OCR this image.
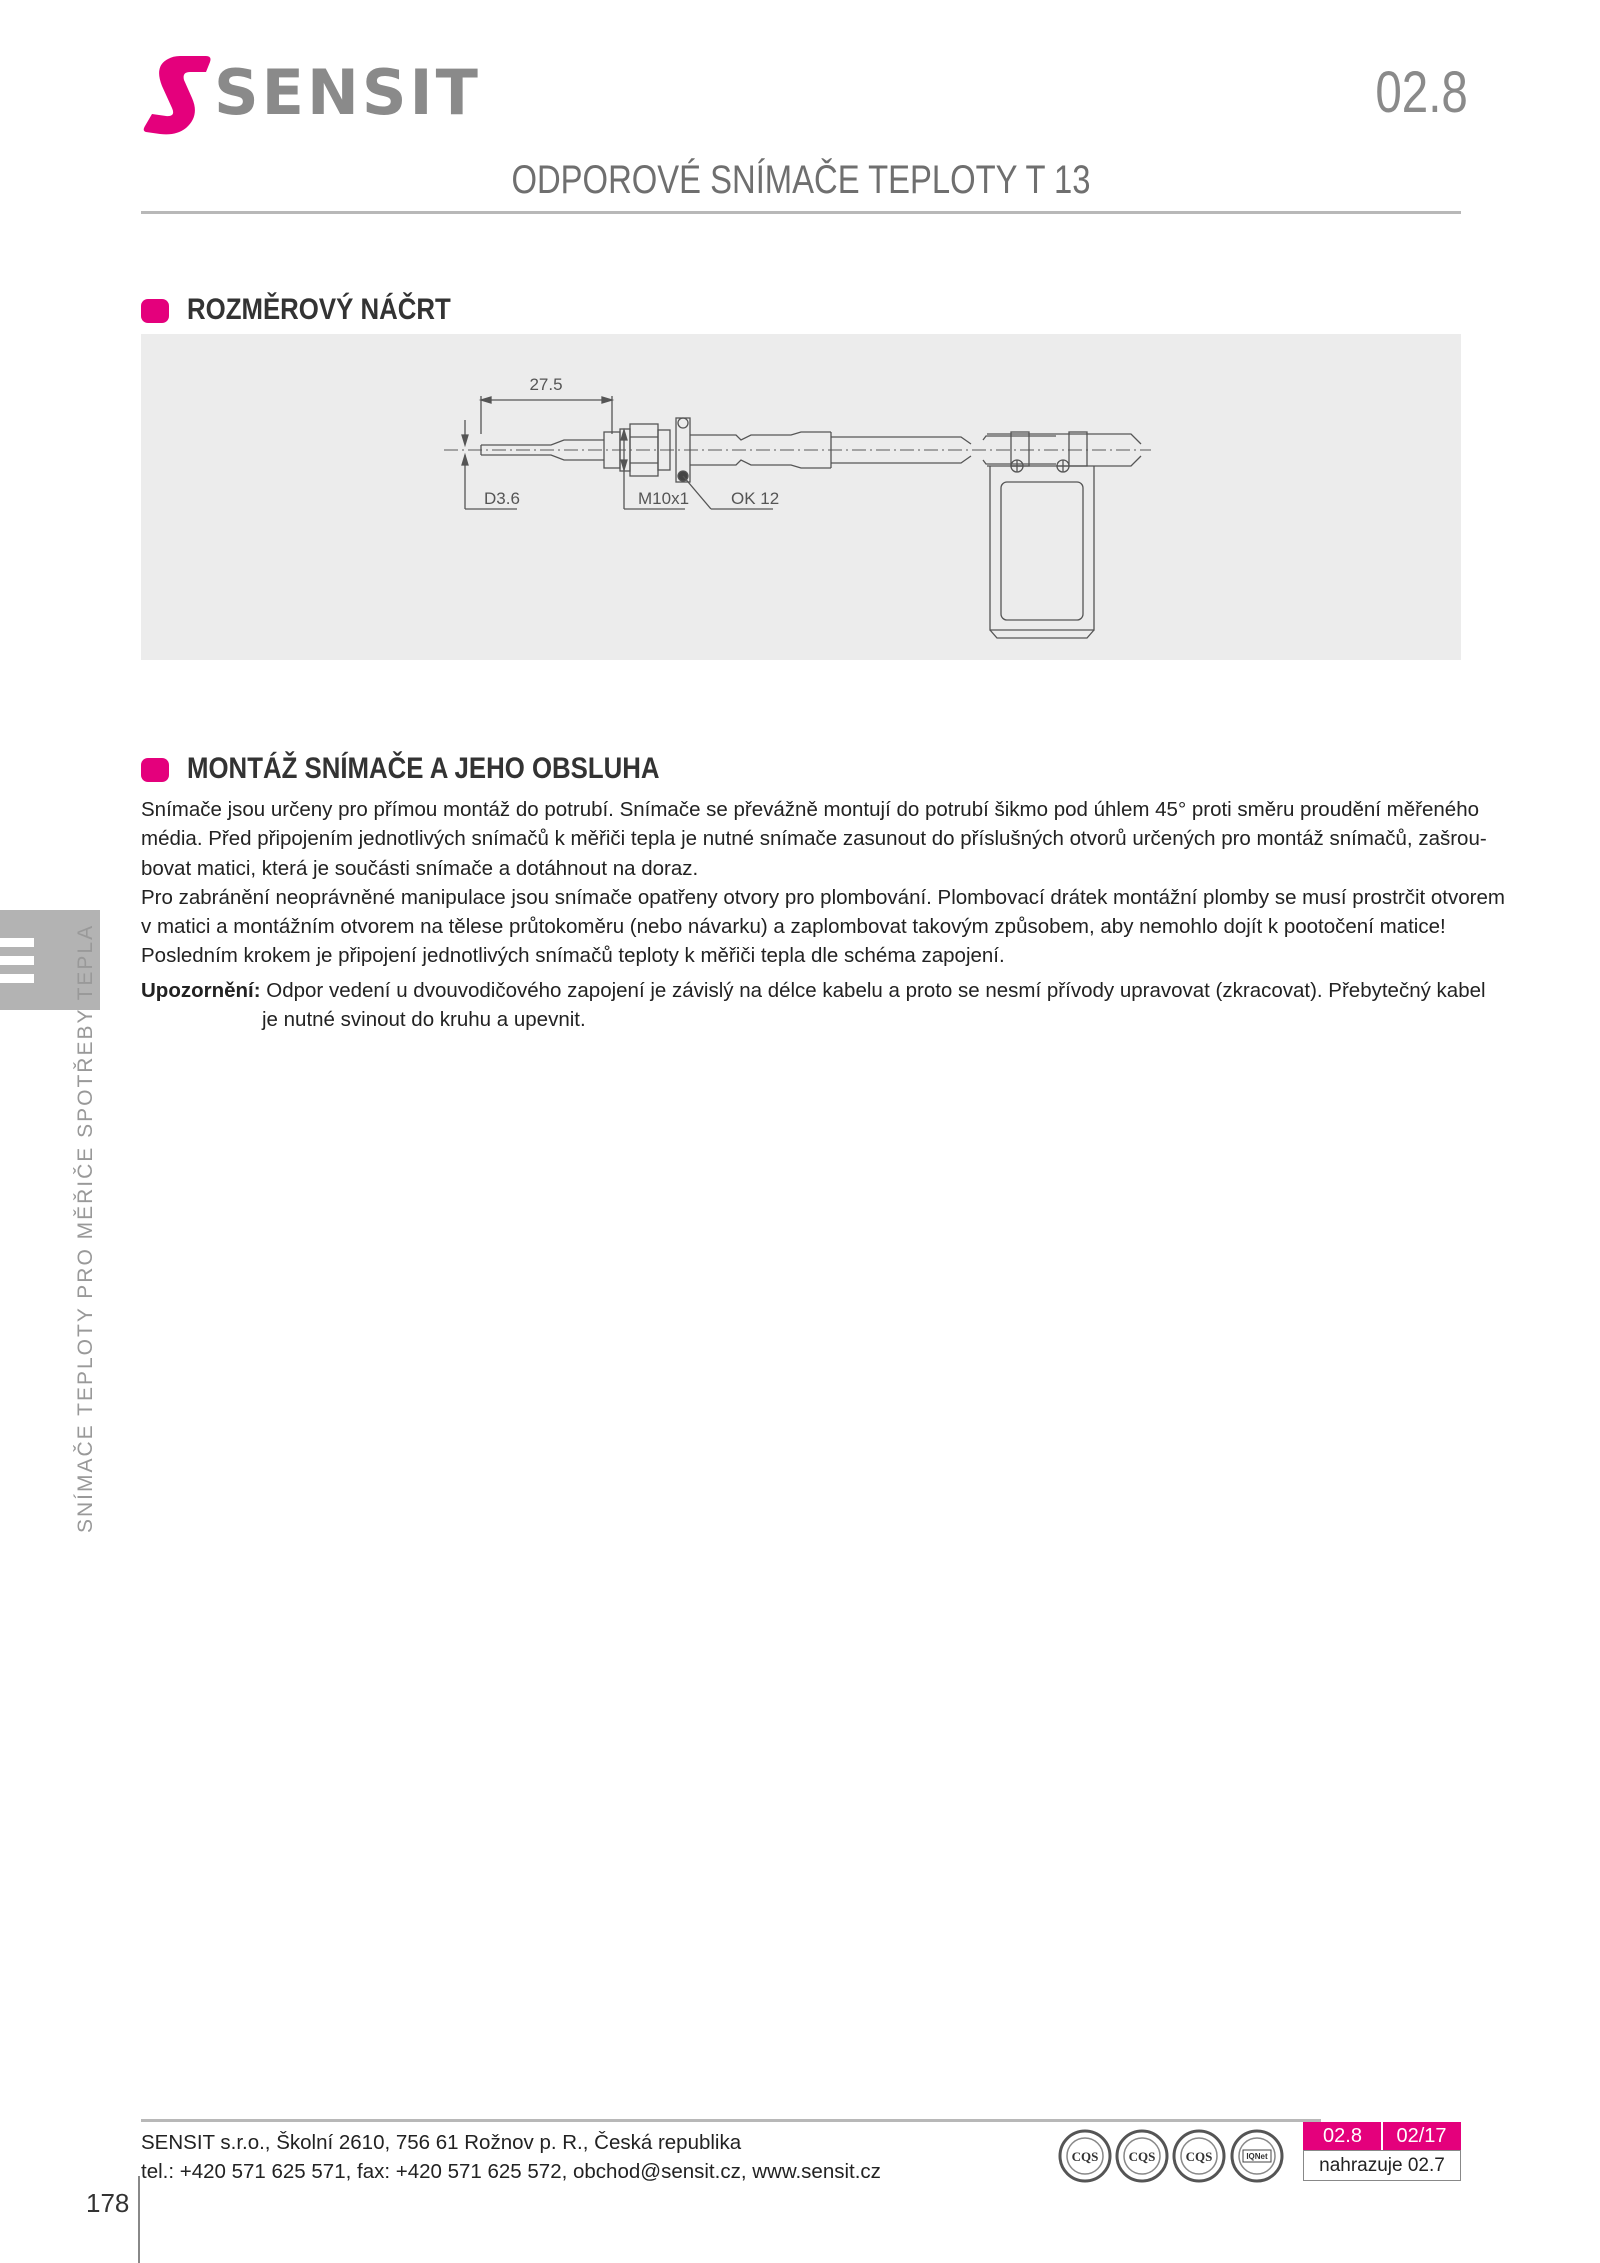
SENSIT	02.8
ODPOROVÉ SNÍMAČE TEPLOTY T 13
ROZMĚROVÝ NÁČRT
27.5
D3.6	M10x1 OK 12
MONTÁŽ SNÍMAČE A JEHO OBSLUHA

Snímače jsou určeny pro přímou montáž do potrubí. Snímače se převážně montují do potrubí šikmo pod úhlem 45° proti směru proudění měřeného

média. Před připojením jednotlivých snímačů k měřiči tepla je nutné snímače zasunout do příslušných otvorů určených pro montáž snímačů, zašrou-

bovat matici, která je součásti snímače a dotáhnout na doraz.

Pro zabránění neoprávněné manipulace jsou snímače opatřeny otvory pro plombování. Plombovací drátek montážní plomby se musí prostrčit otvorem

v matici a montážním otvorem na tělese průtokoměru (nebo návarku) a zaplombovat takovým způsobem, aby nemohlo dojít k pootočení matice!

Posledním krokem je připojení jednotlivých snímačů teploty k měřiči tepla dle schéma zapojení.

Upozornění: Odpor vedení u dvouvodičového zapojení je závislý na délce kabelu a proto se nesmí přívody upravovat (zkracovat). Přebytečný kabel
je nutné svinout do kruhu a upevnit.
SNÍMAČE TEPLOTY PRO MĚŘIČE SPOTŘEBY TEPLA
SENSIT s.r.o., Školní 2610, 756 61 Rožnov p. R., Česká republika
tel.: +420 571 625 571, fax: +420 571 625 572, obchod@sensit.cz, www.sensit.cz
CQS CQS CQS	IQNet
02.8	02/17
nahrazuje 02.7
178
